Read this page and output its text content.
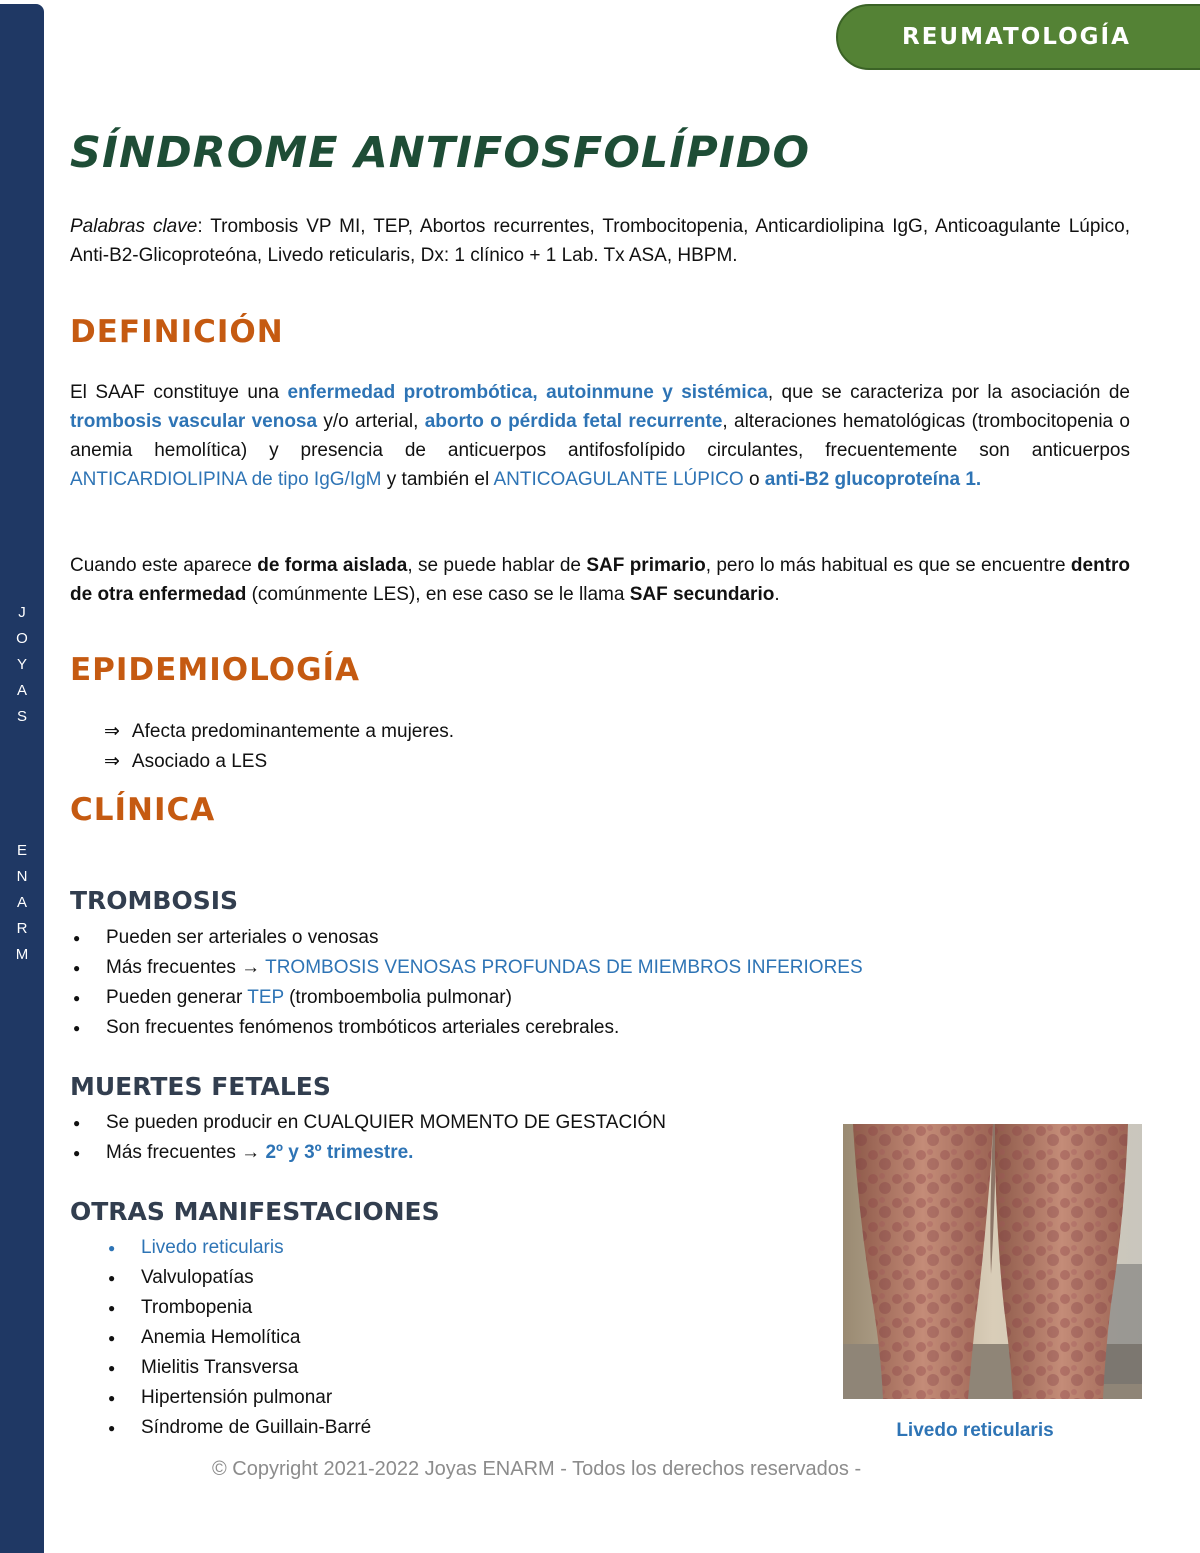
J
O
Y
A
S
E
N
A
R
M
REUMATOLOGÍA
SÍNDROME ANTIFOSFOLÍPIDO
Palabras clave: Trombosis VP MI, TEP, Abortos recurrentes, Trombocitopenia, Anticardiolipina IgG, Anticoagulante Lúpico, Anti-B2-Glicoproteóna, Livedo reticularis, Dx: 1 clínico + 1 Lab. Tx ASA, HBPM.
DEFINICIÓN
El SAAF constituye una enfermedad protrombótica, autoinmune y sistémica, que se caracteriza por la asociación de trombosis vascular venosa y/o arterial, aborto o pérdida fetal recurrente, alteraciones hematológicas (trombocitopenia o anemia hemolítica) y presencia de anticuerpos antifosfolípido circulantes, frecuentemente son anticuerpos ANTICARDIOLIPINA de tipo IgG/IgM y también el ANTICOAGULANTE LÚPICO o anti-B2 glucoproteína 1.
Cuando este aparece de forma aislada, se puede hablar de SAF primario, pero lo más habitual es que se encuentre dentro de otra enfermedad (comúnmente LES), en ese caso se le llama SAF secundario.
EPIDEMIOLOGÍA
⇒ Afecta predominantemente a mujeres.
⇒ Asociado a LES
CLÍNICA
TROMBOSIS
● Pueden ser arteriales o venosas
● Más frecuentes → TROMBOSIS VENOSAS PROFUNDAS DE MIEMBROS INFERIORES
● Pueden generar TEP (tromboembolia pulmonar)
● Son frecuentes fenómenos trombóticos arteriales cerebrales.
MUERTES FETALES
● Se pueden producir en CUALQUIER MOMENTO DE GESTACIÓN
● Más frecuentes → 2º y 3º trimestre.
OTRAS MANIFESTACIONES
● Livedo reticularis
● Valvulopatías
● Trombopenia
● Anemia Hemolítica
● Mielitis Transversa
● Hipertensión pulmonar
● Síndrome de Guillain-Barré	Livedo reticularis
© Copyright 2021-2022 Joyas ENARM - Todos los derechos reservados -
